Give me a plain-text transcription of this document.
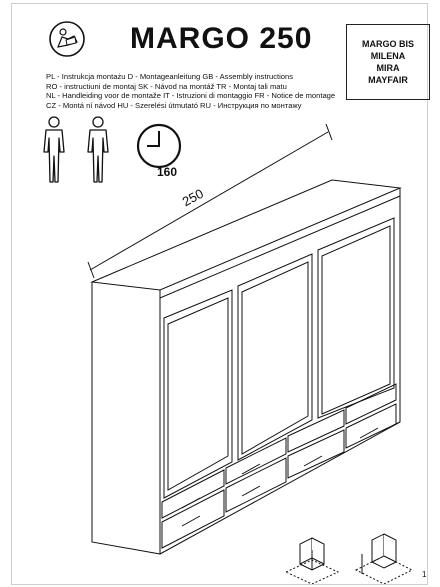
MARGO 250	MARGO BIS
MILENA
MIRA
MAYFAIR
PL - Instrukcja montażu D - Montageanleitung GB - Assembly instructions
RO - instructiuni de montaj SK - Návod na montáž TR - Montaj tali matu
NL - Handleiding voor de montaže IT - Istruzioni di montaggio FR - Notice de montage
CZ - Montá ní návod HU - Szerelési útmutató RU - Инструкция по монтажу
160
250
1
